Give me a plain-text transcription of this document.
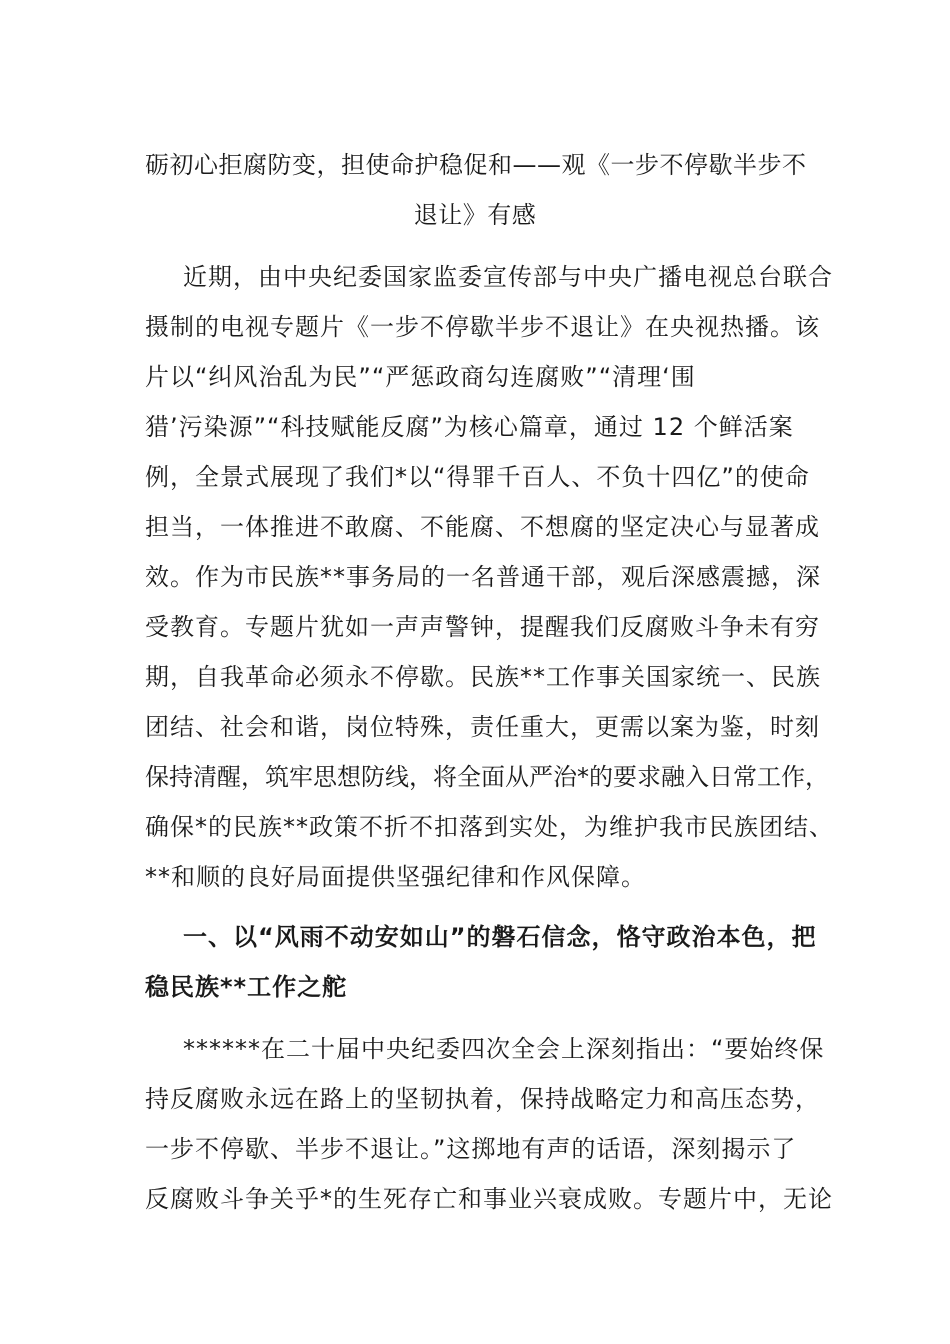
砺初心拒腐防变，担使命护稳促和——观《一步不停歇半步不
退让》有感
近期，由中央纪委国家监委宣传部与中央广播电视总台联合
摄制的电视专题片《一步不停歇半步不退让》在央视热播。该
片以“纠风治乱为民”“严惩政商勾连腐败”“清理‘围
猎’污染源”“科技赋能反腐”为核心篇章，通过 12 个鲜活案
例，全景式展现了我们*以“得罪千百人、不负十四亿”的使命
担当，一体推进不敢腐、不能腐、不想腐的坚定决心与显著成
效。作为市民族**事务局的一名普通干部，观后深感震撼，深
受教育。专题片犹如一声声警钟，提醒我们反腐败斗争未有穷
期，自我革命必须永不停歇。民族**工作事关国家统一、民族
团结、社会和谐，岗位特殊，责任重大，更需以案为鉴，时刻
保持清醒，筑牢思想防线，将全面从严治*的要求融入日常工作，
确保*的民族**政策不折不扣落到实处，为维护我市民族团结、
**和顺的良好局面提供坚强纪律和作风保障。
一、以“风雨不动安如山”的磐石信念，恪守政治本色，把
稳民族**工作之舵
******在二十届中央纪委四次全会上深刻指出：“要始终保
持反腐败永远在路上的坚韧执着，保持战略定力和高压态势，
一步不停歇、半步不退让。”这掷地有声的话语，深刻揭示了
反腐败斗争关乎*的生死存亡和事业兴衰成败。专题片中，无论
